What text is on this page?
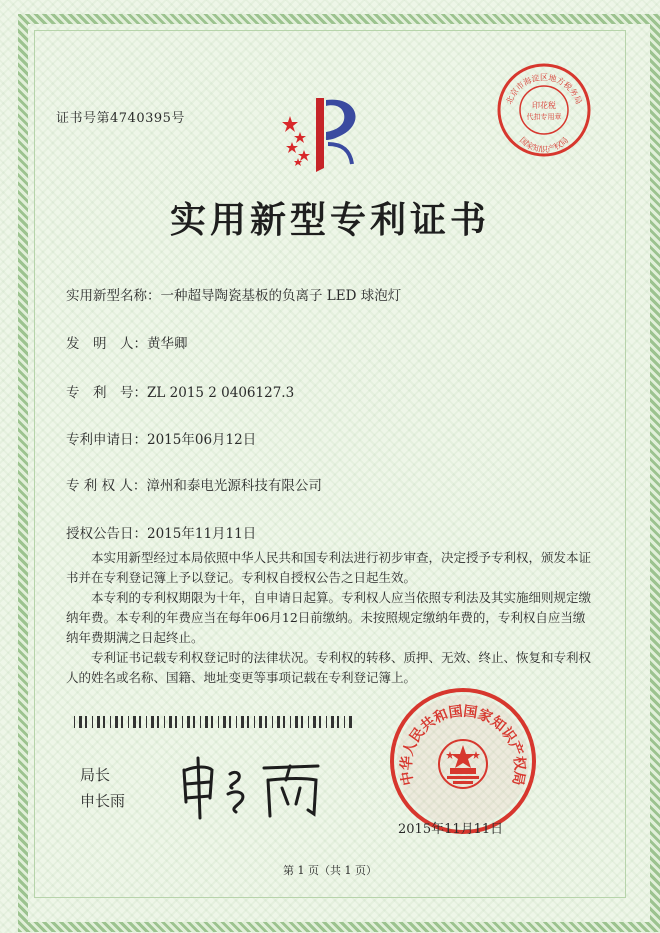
证书号第4740395号
实用新型专利证书
实用新型名称：一种超导陶瓷基板的负离子 LED 球泡灯
发　明　人：黄华卿
专　利　号：ZL 2015 2 0406127.3
专利申请日：2015年06月12日
专 利 权 人：漳州和泰电光源科技有限公司
授权公告日：2015年11月11日

本实用新型经过本局依照中华人民共和国专利法进行初步审查，决定授予专利权，颁发本证书并在专利登记簿上予以登记。专利权自授权公告之日起生效。

本专利的专利权期限为十年，自申请日起算。专利权人应当依照专利法及其实施细则规定缴纳年费。本专利的年费应当在每年06月12日前缴纳。未按照规定缴纳年费的，专利权自应当缴纳年费期满之日起终止。

专利证书记载专利权登记时的法律状况。专利权的转移、质押、无效、终止、恢复和专利权人的姓名或名称、国籍、地址变更等事项记载在专利登记簿上。

局长
申长雨
中华人民共和国国家知识产权局
2015年11月11日
北京市海淀区地方税务局
印花税
代扣专用章
国家知识产权局
第 1 页（共 1 页）
